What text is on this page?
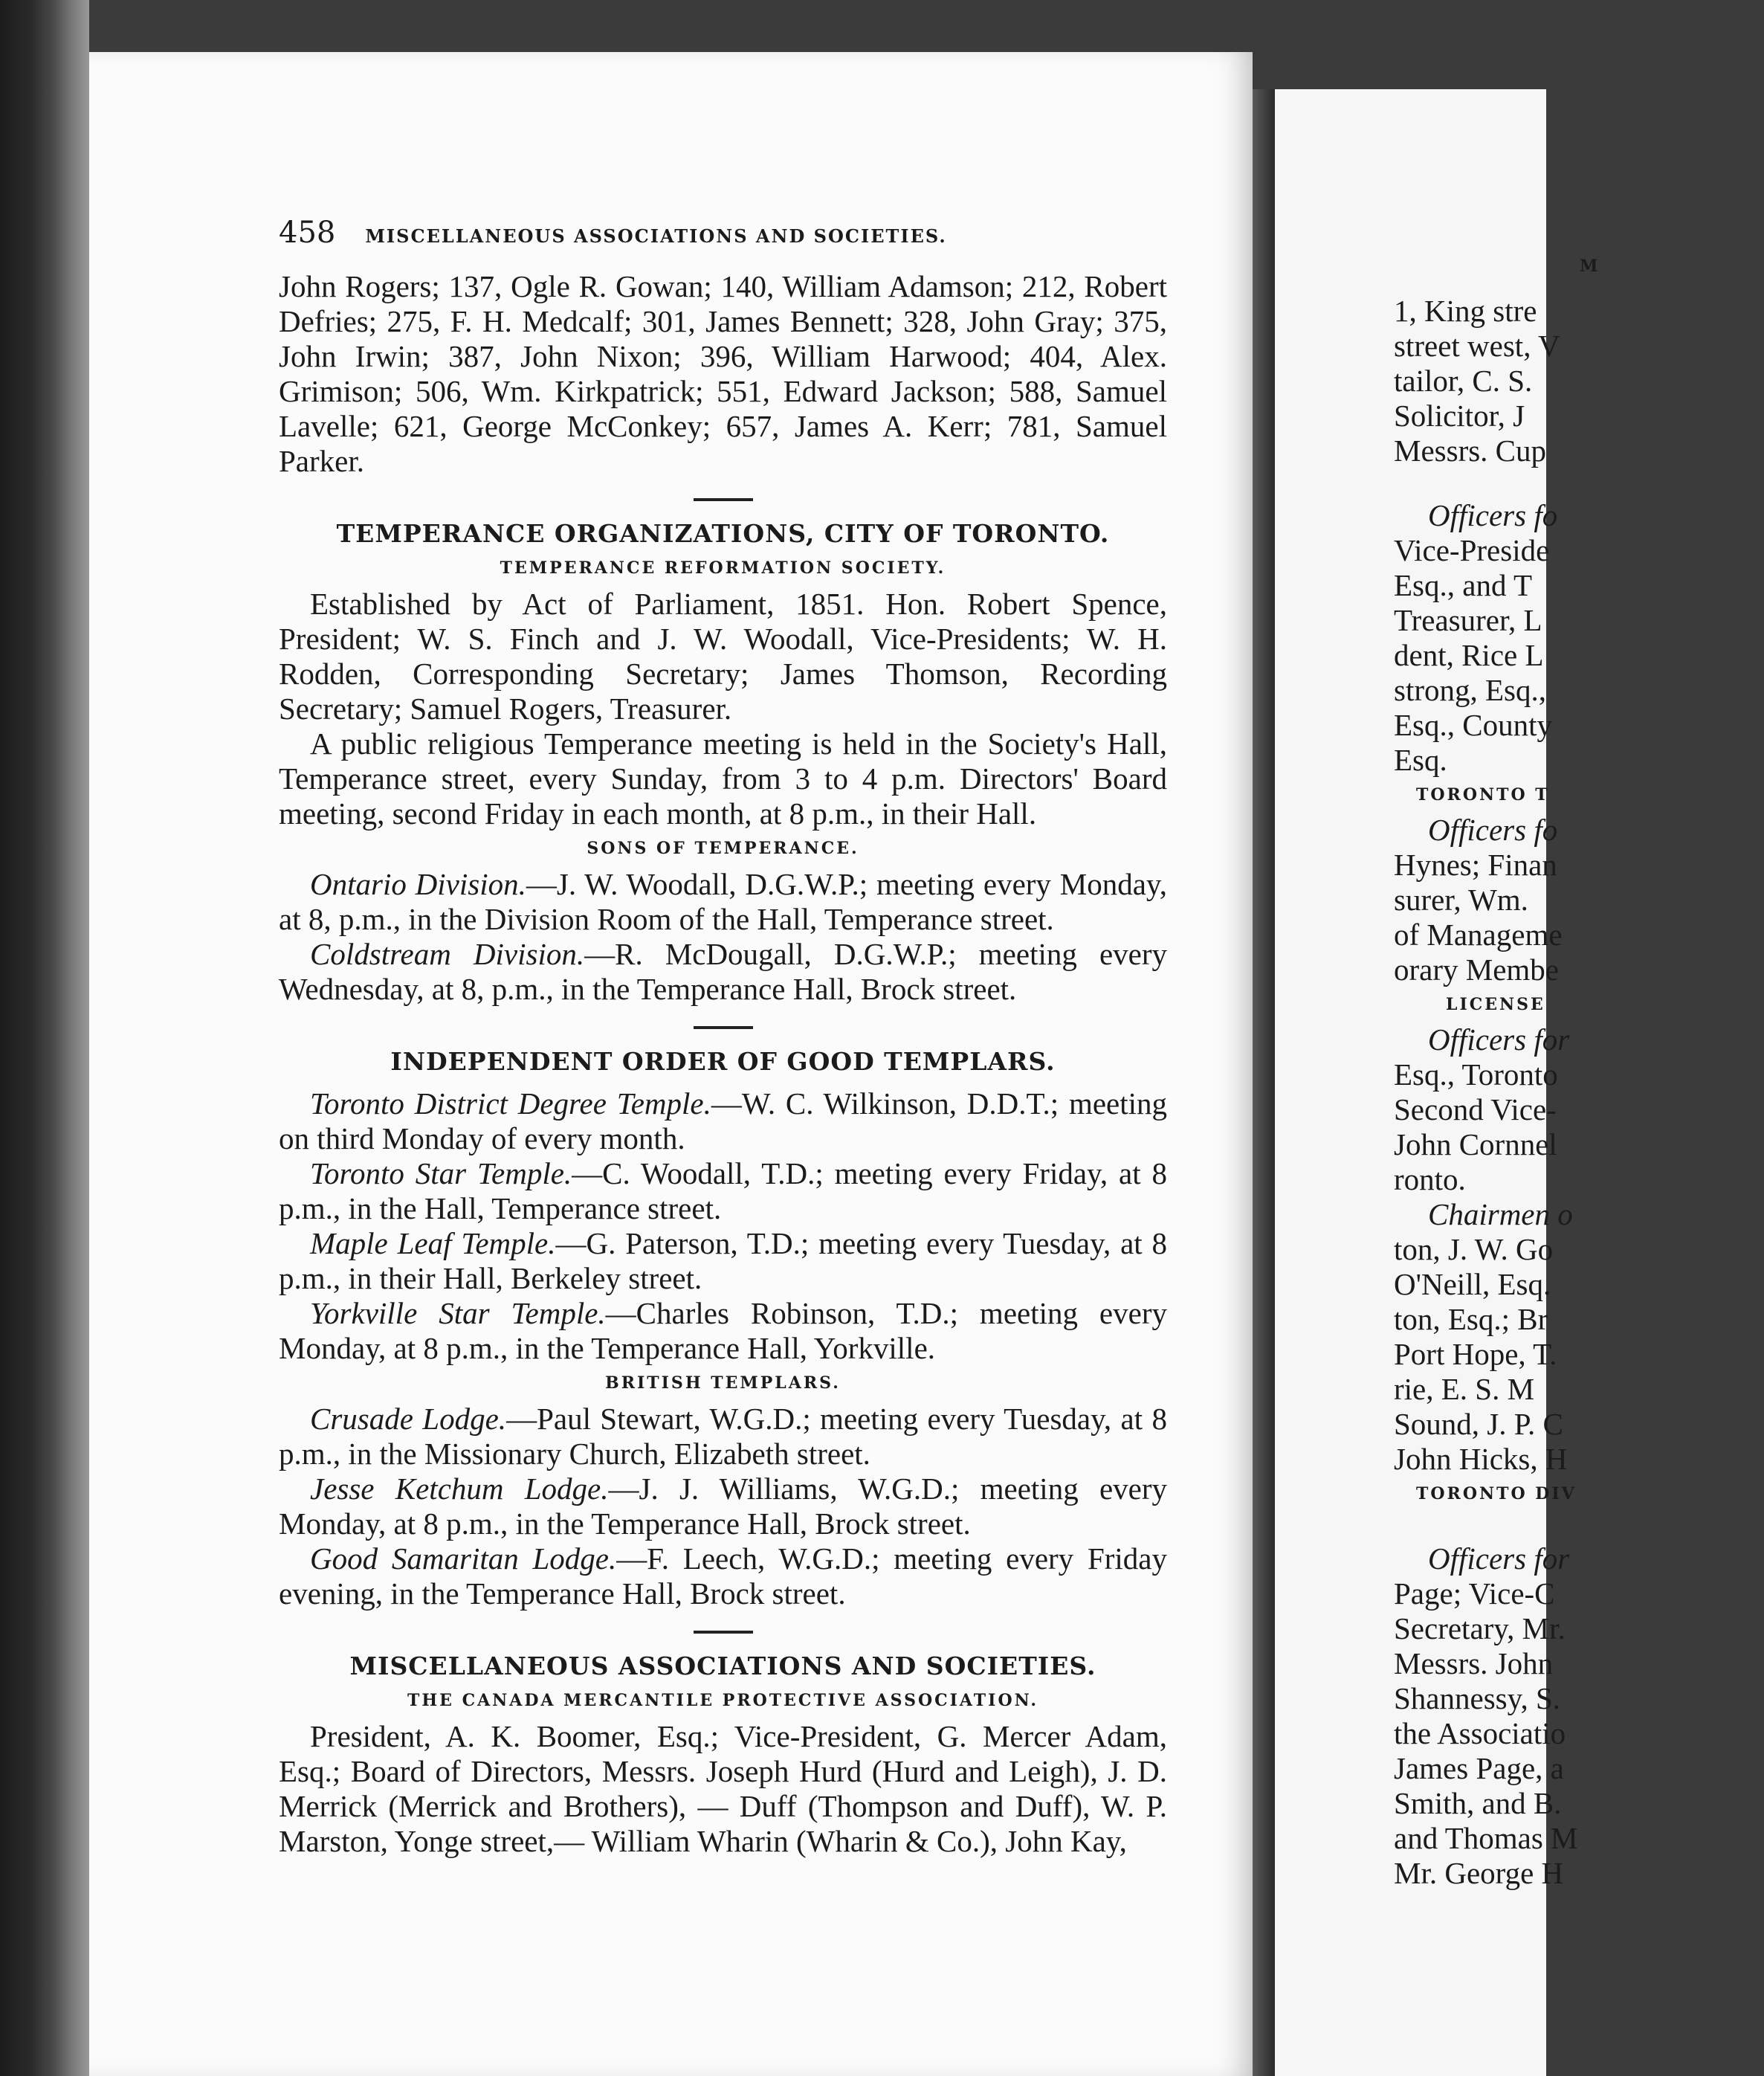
458 MISCELLANEOUS ASSOCIATIONS AND SOCIETIES.

John Rogers; 137, Ogle R. Gowan; 140, William Adamson; 212, Robert Defries; 275, F. H. Medcalf; 301, James Bennett; 328, John Gray; 375, John Irwin; 387, John Nixon; 396, William Harwood; 404, Alex. Grimison; 506, Wm. Kirkpatrick; 551, Edward Jackson; 588, Samuel Lavelle; 621, George McConkey; 657, James A. Kerr; 781, Samuel Parker.

TEMPERANCE ORGANIZATIONS, CITY OF TORONTO.
TEMPERANCE REFORMATION SOCIETY.

Established by Act of Parliament, 1851. Hon. Robert Spence, President; W. S. Finch and J. W. Woodall, Vice-Presidents; W. H. Rodden, Corresponding Secretary; James Thomson, Recording Secretary; Samuel Rogers, Treasurer.

A public religious Temperance meeting is held in the Society's Hall, Temperance street, every Sunday, from 3 to 4 p.m. Directors' Board meeting, second Friday in each month, at 8 p.m., in their Hall.

SONS OF TEMPERANCE.

Ontario Division.—J. W. Woodall, D.G.W.P.; meeting every Monday, at 8, p.m., in the Division Room of the Hall, Temperance street.

Coldstream Division.—R. McDougall, D.G.W.P.; meeting every Wednesday, at 8, p.m., in the Temperance Hall, Brock street.

INDEPENDENT ORDER OF GOOD TEMPLARS.

Toronto District Degree Temple.—W. C. Wilkinson, D.D.T.; meeting on third Monday of every month.

Toronto Star Temple.—C. Woodall, T.D.; meeting every Friday, at 8 p.m., in the Hall, Temperance street.

Maple Leaf Temple.—G. Paterson, T.D.; meeting every Tuesday, at 8 p.m., in their Hall, Berkeley street.

Yorkville Star Temple.—Charles Robinson, T.D.; meeting every Monday, at 8 p.m., in the Temperance Hall, Yorkville.

BRITISH TEMPLARS.

Crusade Lodge.—Paul Stewart, W.G.D.; meeting every Tuesday, at 8 p.m., in the Missionary Church, Elizabeth street.

Jesse Ketchum Lodge.—J. J. Williams, W.G.D.; meeting every Monday, at 8 p.m., in the Temperance Hall, Brock street.

Good Samaritan Lodge.—F. Leech, W.G.D.; meeting every Friday evening, in the Temperance Hall, Brock street.

MISCELLANEOUS ASSOCIATIONS AND SOCIETIES.
THE CANADA MERCANTILE PROTECTIVE ASSOCIATION.

President, A. K. Boomer, Esq.; Vice-President, G. Mercer Adam, Esq.; Board of Directors, Messrs. Joseph Hurd (Hurd and Leigh), J. D. Merrick (Merrick and Brothers), — Duff (Thompson and Duff), W. P. Marston, Yonge street,— William Wharin (Wharin & Co.), John Kay,

M
1, King stre
street west, V
tailor, C. S.
Solicitor, J
Messrs. Cup

Officers fo
Vice-Preside
Esq., and T
Treasurer, L
dent, Rice L
strong, Esq.,
Esq., County
Esq.
TORONTO T
Officers fo
Hynes; Finan
surer, Wm.
of Manageme
orary Membe
LICENSE
Officers for
Esq., Toronto
Second Vice-
John Cornnel
ronto.
Chairmen o
ton, J. W. Go
O'Neill, Esq.
ton, Esq.; Br
Port Hope, T.
rie, E. S. M
Sound, J. P. C
John Hicks, H
TORONTO DIV

Officers for
Page; Vice-C
Secretary, Mr.
Messrs. John
Shannessy, S.
the Associatio
James Page, a
Smith, and B.
and Thomas M
Mr. George H
